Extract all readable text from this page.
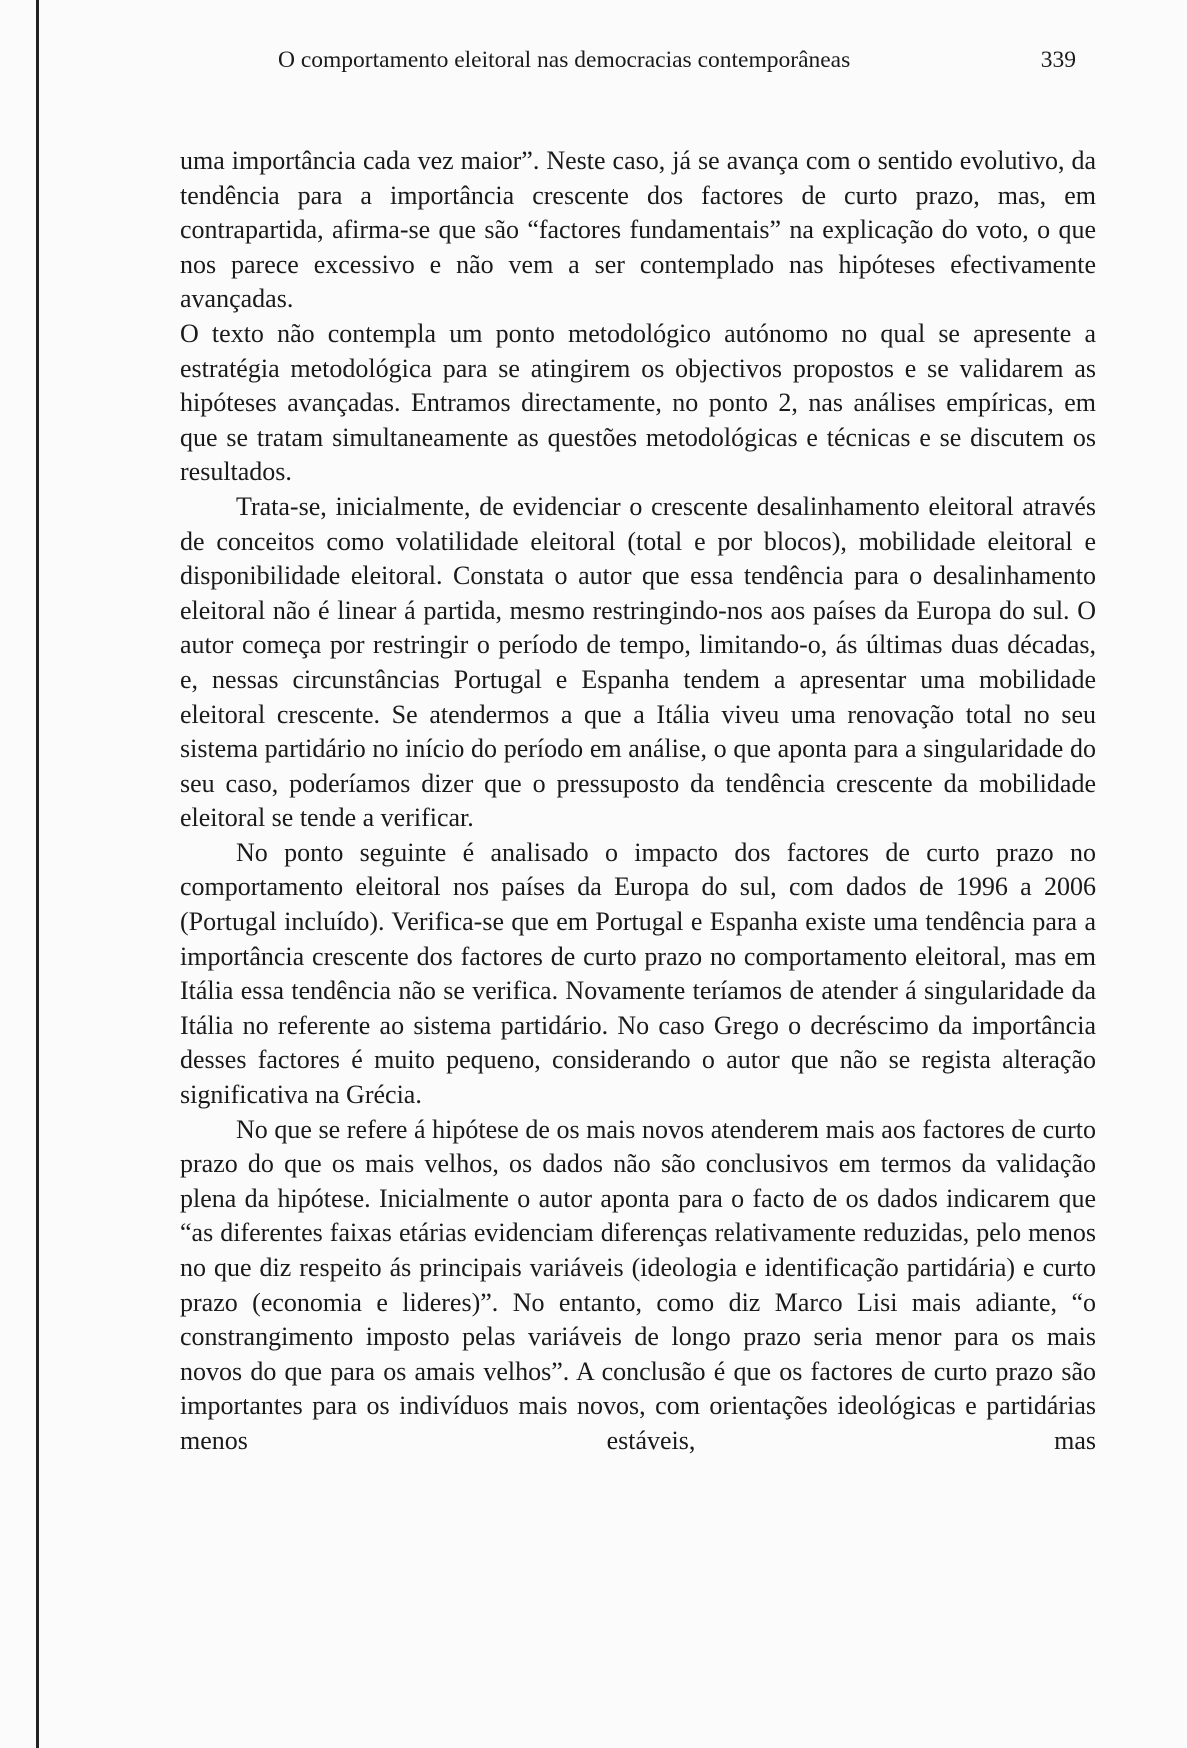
O comportamento eleitoral nas democracias contemporâneas	339

uma importância cada vez maior”. Neste caso, já se avança com o sentido evolutivo, da tendência para a importância crescente dos factores de curto prazo, mas, em contrapartida, afirma-se que são “factores fundamentais” na explicação do voto, o que nos parece excessivo e não vem a ser contemplado nas hipóteses efectivamente avançadas.

O texto não contempla um ponto metodológico autónomo no qual se apresente a estratégia metodológica para se atingirem os objectivos propostos e se validarem as hipóteses avançadas. Entramos directamente, no ponto 2, nas análises empíricas, em que se tratam simultaneamente as questões metodológicas e técnicas e se discutem os resultados.

Trata-se, inicialmente, de evidenciar o crescente desalinhamento eleitoral através de conceitos como volatilidade eleitoral (total e por blocos), mobilidade eleitoral e disponibilidade eleitoral. Constata o autor que essa tendência para o desalinhamento eleitoral não é linear á partida, mesmo restringindo-nos aos países da Europa do sul. O autor começa por restringir o período de tempo, limitando-o, ás últimas duas décadas, e, nessas circunstâncias Portugal e Espanha tendem a apresentar uma mobilidade eleitoral crescente. Se atendermos a que a Itália viveu uma renovação total no seu sistema partidário no início do período em análise, o que aponta para a singularidade do seu caso, poderíamos dizer que o pressuposto da tendência crescente da mobilidade eleitoral se tende a verificar.

No ponto seguinte é analisado o impacto dos factores de curto prazo no comportamento eleitoral nos países da Europa do sul, com dados de 1996 a 2006 (Portugal incluído). Verifica-se que em Portugal e Espanha existe uma tendência para a importância crescente dos factores de curto prazo no comportamento eleitoral, mas em Itália essa tendência não se verifica. Novamente teríamos de atender á singularidade da Itália no referente ao sistema partidário. No caso Grego o decréscimo da importância desses factores é muito pequeno, considerando o autor que não se regista alteração significativa na Grécia.

No que se refere á hipótese de os mais novos atenderem mais aos factores de curto prazo do que os mais velhos, os dados não são conclusivos em termos da validação plena da hipótese. Inicialmente o autor aponta para o facto de os dados indicarem que “as diferentes faixas etárias evidenciam diferenças relativamente reduzidas, pelo menos no que diz respeito ás principais variáveis (ideologia e identificação partidária) e curto prazo (economia e lideres)”. No entanto, como diz Marco Lisi mais adiante, “o constrangimento imposto pelas variáveis de longo prazo seria menor para os mais novos do que para os amais velhos”. A conclusão é que os factores de curto prazo são importantes para os indivíduos mais novos, com orientações ideológicas e partidárias menos estáveis, mas
